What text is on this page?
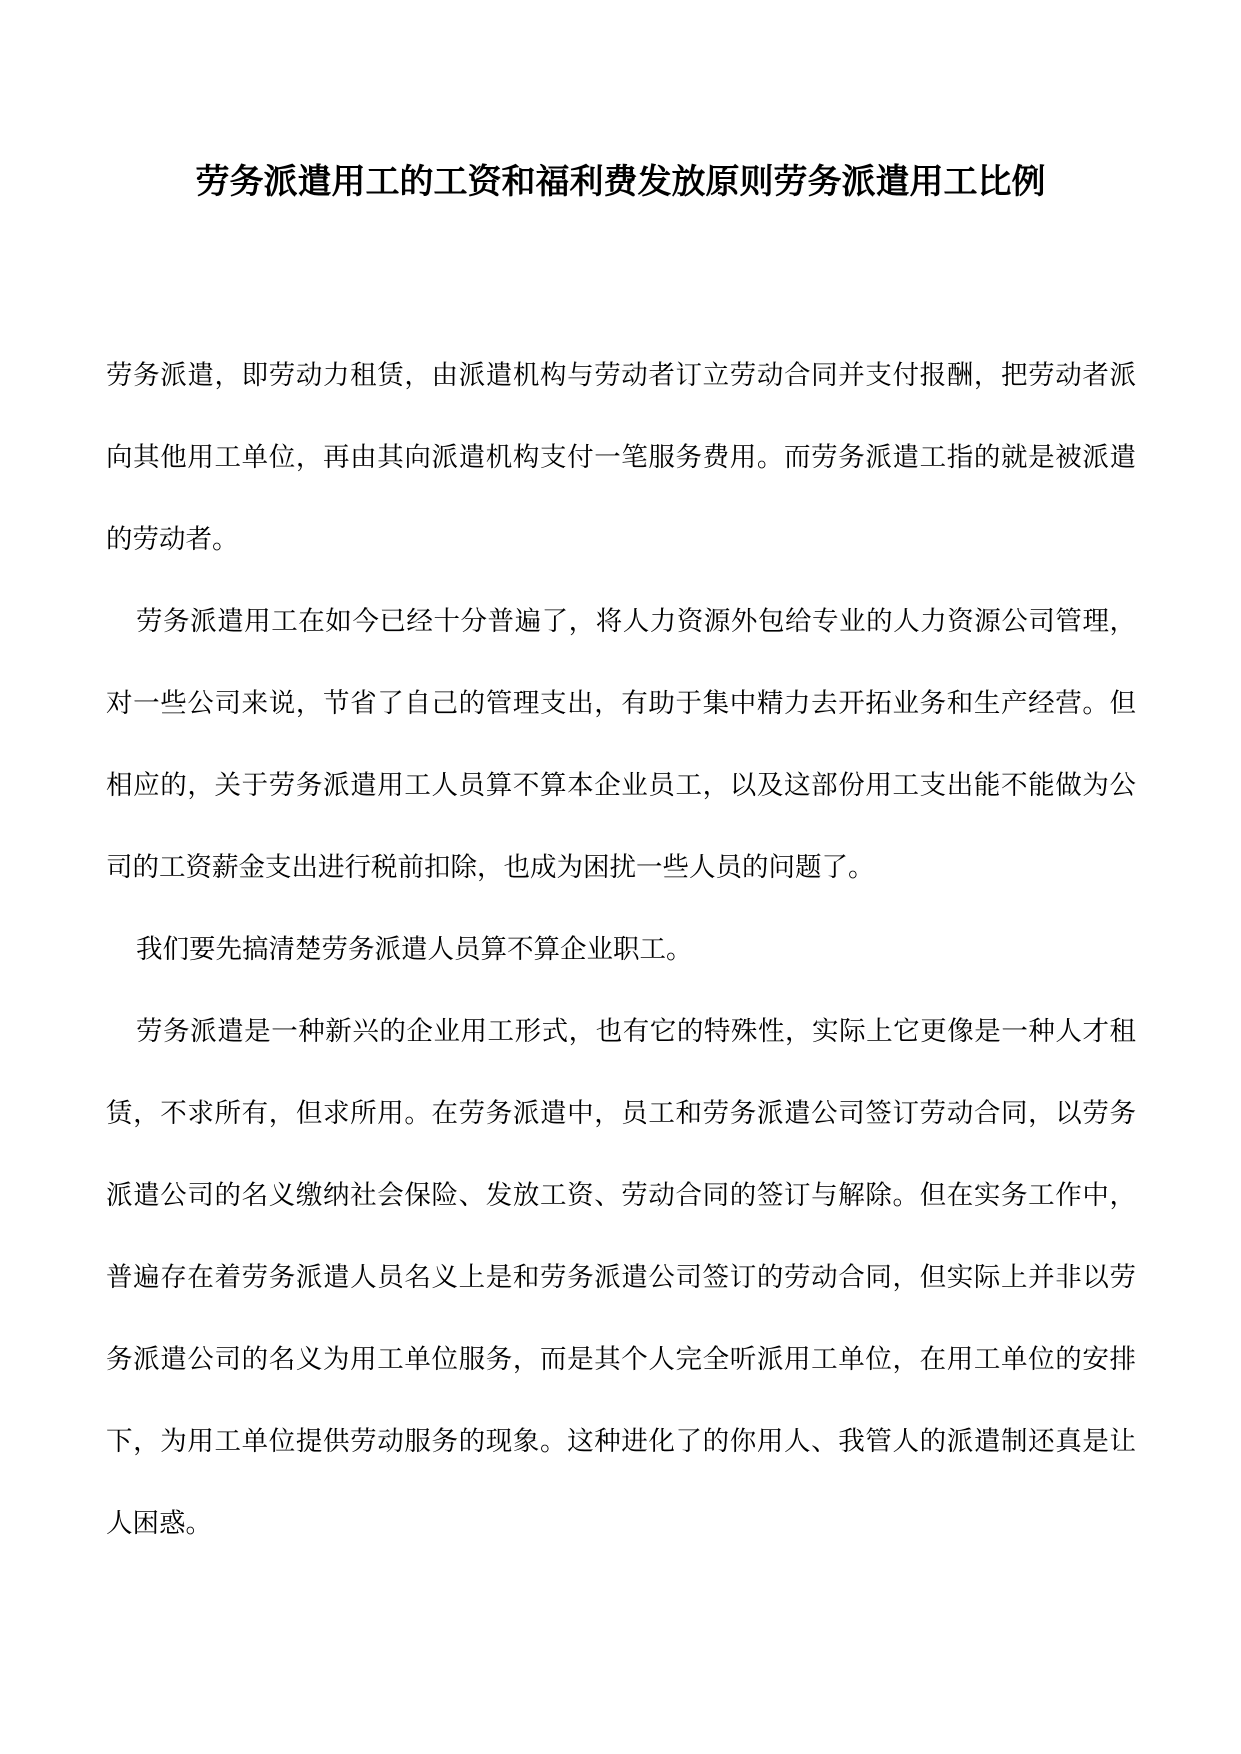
劳务派遣用工的工资和福利费发放原则劳务派遣用工比例

劳务派遣，即劳动力租赁，由派遣机构与劳动者订立劳动合同并支付报酬，把劳动者派向其他用工单位，再由其向派遣机构支付一笔服务费用。而劳务派遣工指的就是被派遣的劳动者。

劳务派遣用工在如今已经十分普遍了，将人力资源外包给专业的人力资源公司管理，对一些公司来说，节省了自己的管理支出，有助于集中精力去开拓业务和生产经营。但相应的，关于劳务派遣用工人员算不算本企业员工，以及这部份用工支出能不能做为公司的工资薪金支出进行税前扣除，也成为困扰一些人员的问题了。

我们要先搞清楚劳务派遣人员算不算企业职工。

劳务派遣是一种新兴的企业用工形式，也有它的特殊性，实际上它更像是一种人才租赁，不求所有，但求所用。在劳务派遣中，员工和劳务派遣公司签订劳动合同，以劳务派遣公司的名义缴纳社会保险、发放工资、劳动合同的签订与解除。但在实务工作中，普遍存在着劳务派遣人员名义上是和劳务派遣公司签订的劳动合同，但实际上并非以劳务派遣公司的名义为用工单位服务，而是其个人完全听派用工单位，在用工单位的安排下，为用工单位提供劳动服务的现象。这种进化了的你用人、我管人的派遣制还真是让人困惑。
